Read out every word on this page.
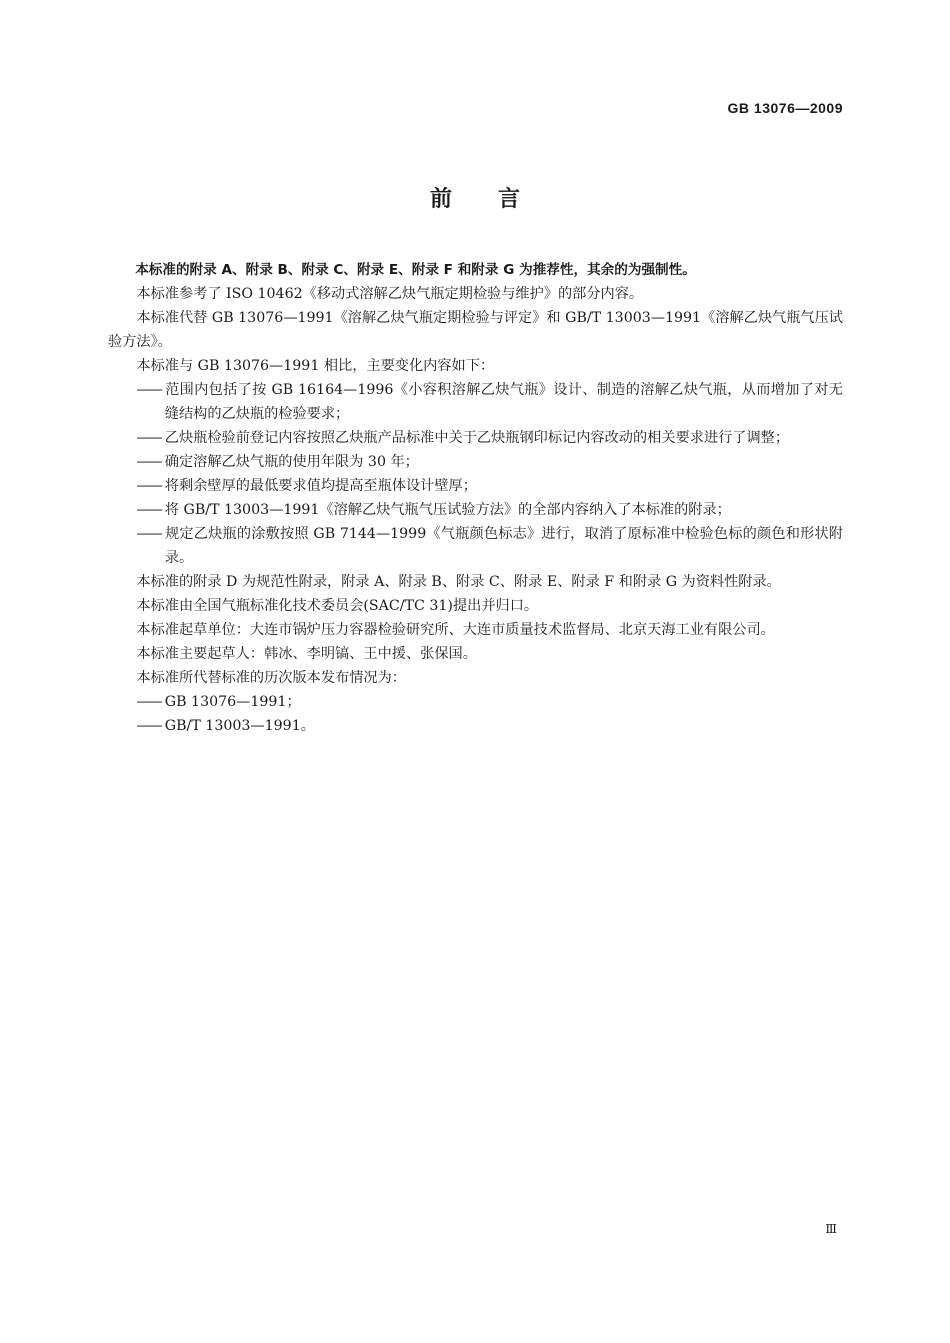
GB 13076—2009
前言
本标准的附录 A、附录 B、附录 C、附录 E、附录 F 和附录 G 为推荐性，其余的为强制性。
本标准参考了 ISO 10462《移动式溶解乙炔气瓶定期检验与维护》的部分内容。
本标准代替 GB 13076—1991《溶解乙炔气瓶定期检验与评定》和 GB/T 13003—1991《溶解乙炔气瓶气压试验方法》。
本标准与 GB 13076—1991 相比，主要变化内容如下：
—— 范围内包括了按 GB 16164—1996《小容积溶解乙炔气瓶》设计、制造的溶解乙炔气瓶，从而增加了对无缝结构的乙炔瓶的检验要求；
—— 乙炔瓶检验前登记内容按照乙炔瓶产品标准中关于乙炔瓶钢印标记内容改动的相关要求进行了调整；
—— 确定溶解乙炔气瓶的使用年限为 30 年；
—— 将剩余壁厚的最低要求值均提高至瓶体设计壁厚；
—— 将 GB/T 13003—1991《溶解乙炔气瓶气压试验方法》的全部内容纳入了本标准的附录；
—— 规定乙炔瓶的涂敷按照 GB 7144—1999《气瓶颜色标志》进行，取消了原标准中检验色标的颜色和形状附录。
本标准的附录 D 为规范性附录，附录 A、附录 B、附录 C、附录 E、附录 F 和附录 G 为资料性附录。
本标准由全国气瓶标准化技术委员会(SAC/TC 31)提出并归口。
本标准起草单位：大连市锅炉压力容器检验研究所、大连市质量技术监督局、北京天海工业有限公司。
本标准主要起草人：韩冰、李明镐、王中援、张保国。
本标准所代替标准的历次版本发布情况为：
—— GB 13076—1991；
—— GB/T 13003—1991。
Ⅲ
